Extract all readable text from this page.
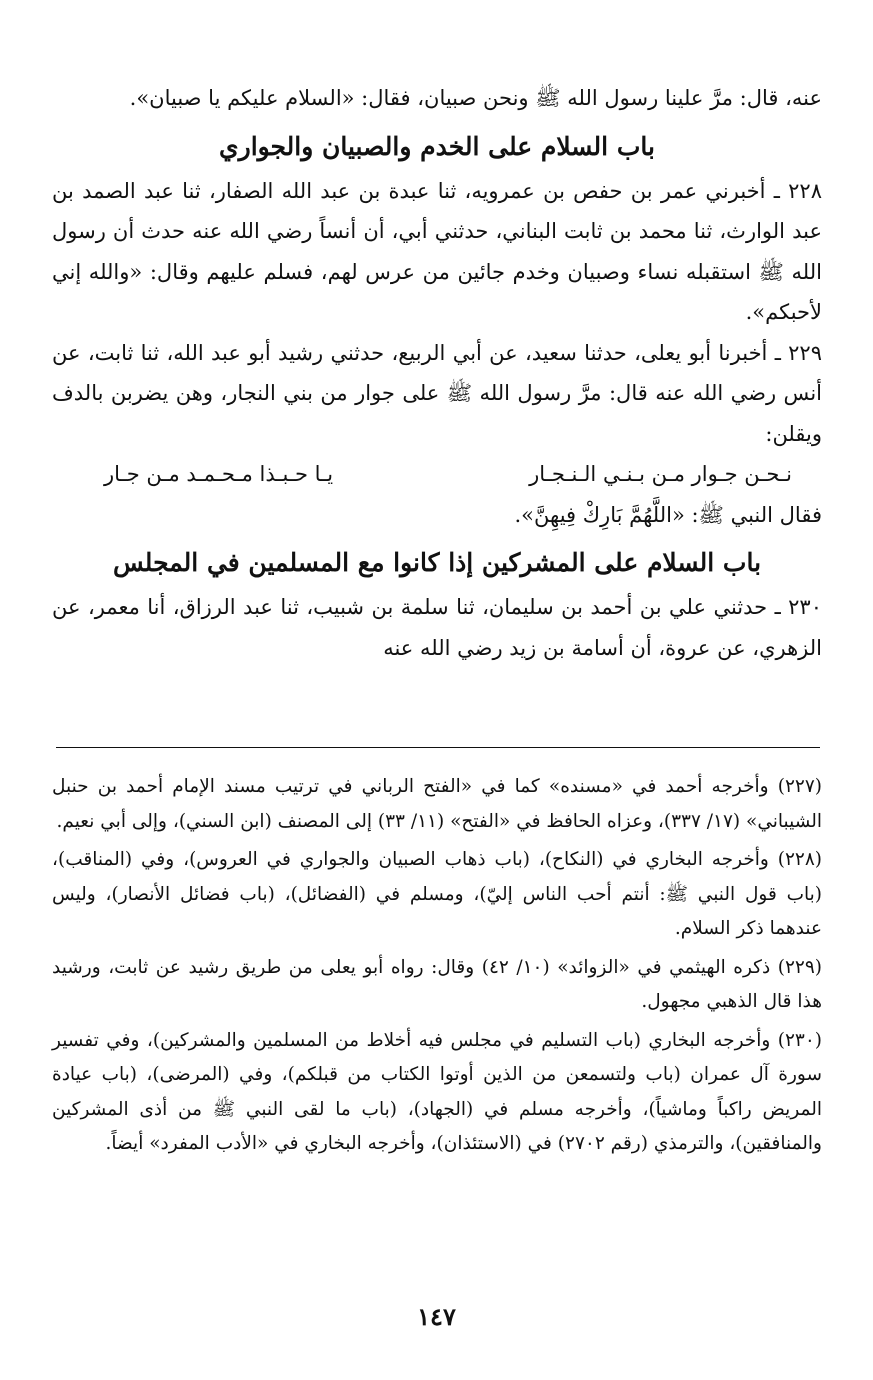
عنه، قال: مرَّ علينا رسول الله ﷺ ونحن صبيان، فقال: «السلام عليكم يا صبيان».

باب السلام على الخدم والصبيان والجواري

٢٢٨ ـ أخبرني عمر بن حفص بن عمرويه، ثنا عبدة بن عبد الله الصفار، ثنا عبد الصمد بن عبد الوارث، ثنا محمد بن ثابت البناني، حدثني أبي، أن أنساً رضي الله عنه حدث أن رسول الله ﷺ استقبله نساء وصبيان وخدم جائين من عرس لهم، فسلم عليهم وقال: «والله إني لأحبكم».

٢٢٩ ـ أخبرنا أبو يعلى، حدثنا سعيد، عن أبي الربيع، حدثني رشيد أبو عبد الله، ثنا ثابت، عن أنس رضي الله عنه قال: مرَّ رسول الله ﷺ على جوار من بني النجار، وهن يضربن بالدف ويقلن:

نـحـن جـوار مـن بـنـي الـنـجـار
يـا حـبـذا مـحـمـد مـن جـار

فقال النبي ﷺ: «اللَّهُمَّ بَارِكْ فِيهِنَّ».

باب السلام على المشركين إذا كانوا مع المسلمين في المجلس

٢٣٠ ـ حدثني علي بن أحمد بن سليمان، ثنا سلمة بن شبيب، ثنا عبد الرزاق، أنا معمر، عن الزهري، عن عروة، أن أسامة بن زيد رضي الله عنه

(٢٢٧) وأخرجه أحمد في «مسنده» كما في «الفتح الرباني في ترتيب مسند الإمام أحمد بن حنبل الشيباني» (١٧/ ٣٣٧)، وعزاه الحافظ في «الفتح» (١١/ ٣٣) إلى المصنف (ابن السني)، وإلى أبي نعيم.

(٢٢٨) وأخرجه البخاري في (النكاح)، (باب ذهاب الصبيان والجواري في العروس)، وفي (المناقب)، (باب قول النبي ﷺ: أنتم أحب الناس إليّ)، ومسلم في (الفضائل)، (باب فضائل الأنصار)، وليس عندهما ذكر السلام.

(٢٢٩) ذكره الهيثمي في «الزوائد» (١٠/ ٤٢) وقال: رواه أبو يعلى من طريق رشيد عن ثابت، ورشيد هذا قال الذهبي مجهول.

(٢٣٠) وأخرجه البخاري (باب التسليم في مجلس فيه أخلاط من المسلمين والمشركين)، وفي تفسير سورة آل عمران (باب ولتسمعن من الذين أوتوا الكتاب من قبلكم)، وفي (المرضى)، (باب عيادة المريض راكباً وماشياً)، وأخرجه مسلم في (الجهاد)، (باب ما لقى النبي ﷺ من أذى المشركين والمنافقين)، والترمذي (رقم ٢٧٠٢) في (الاستئذان)، وأخرجه البخاري في «الأدب المفرد» أيضاً.

١٤٧
